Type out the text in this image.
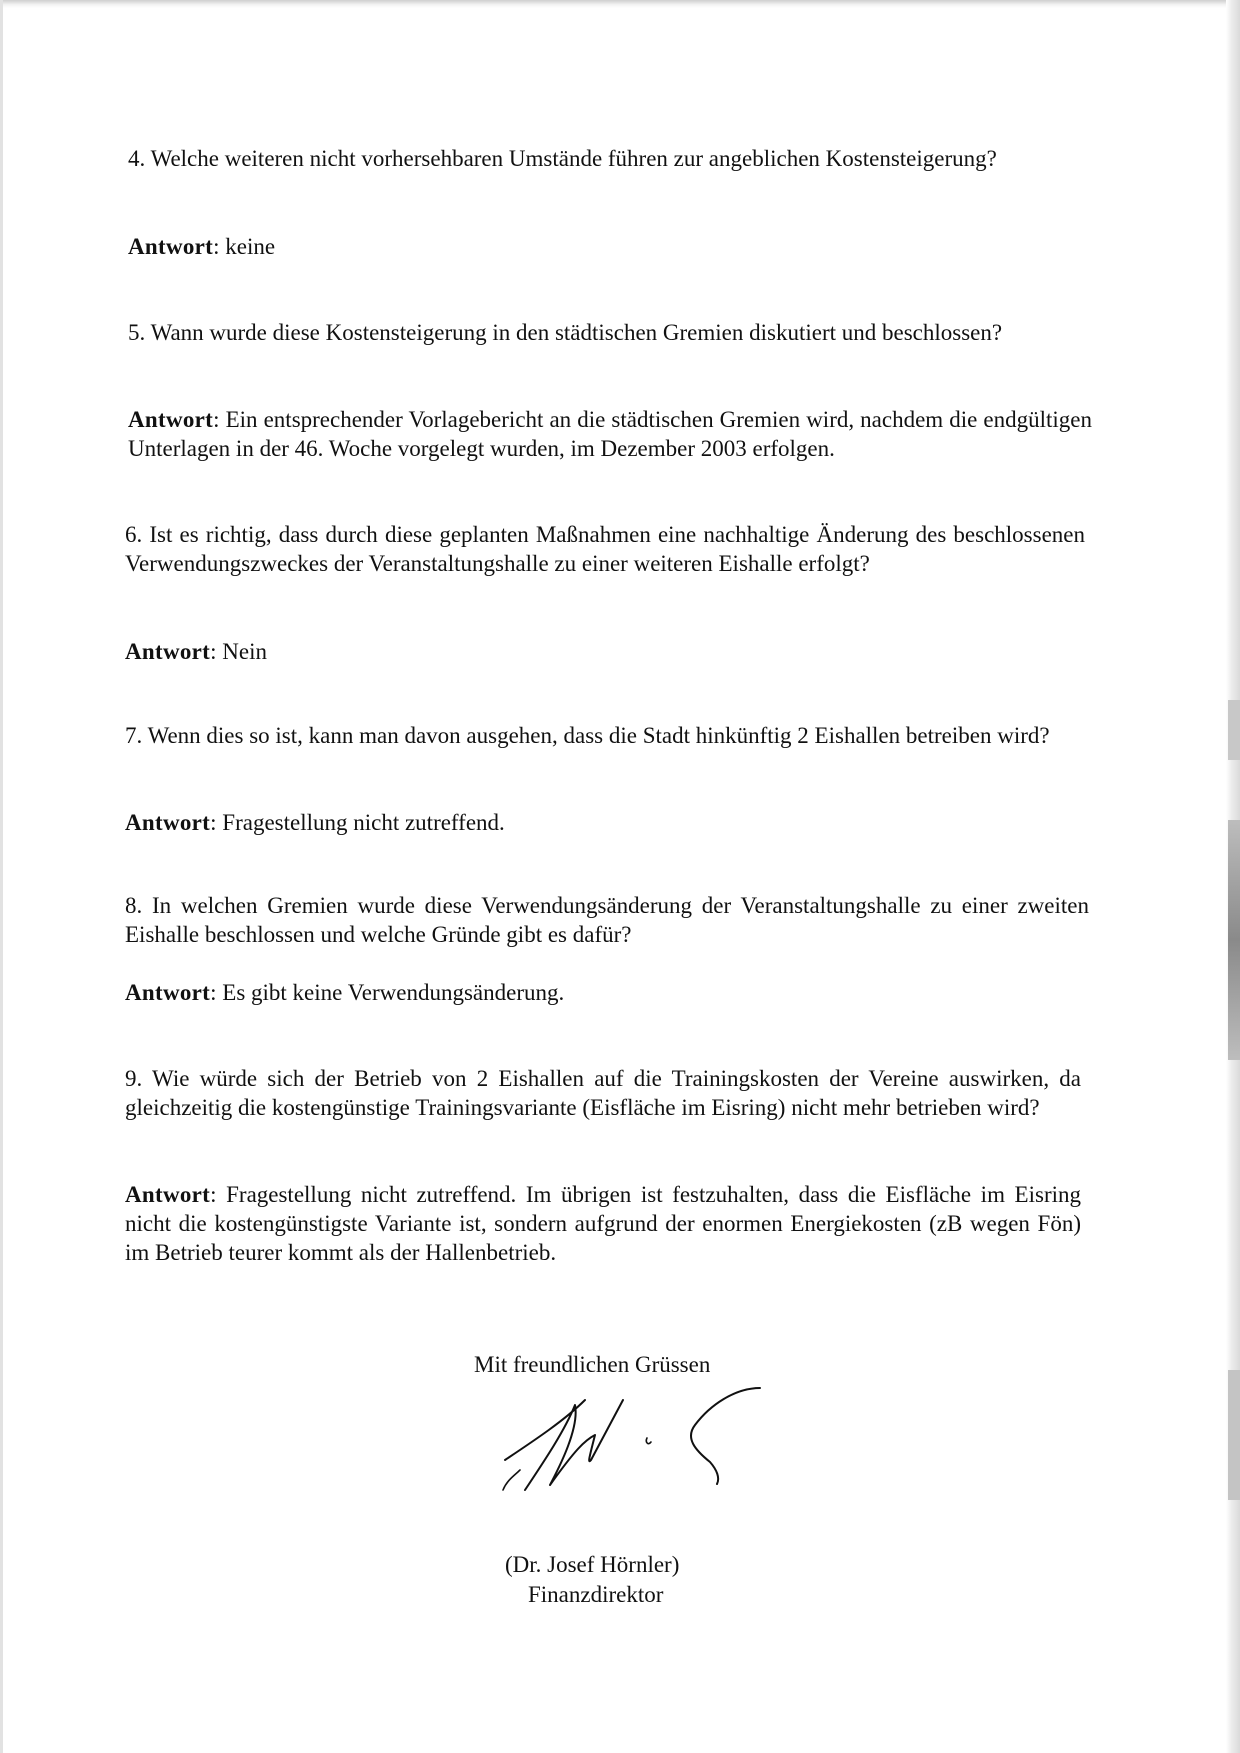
4. Welche weiteren nicht vorhersehbaren Umstände führen zur angeblichen Kostensteigerung?
Antwort: keine
5. Wann wurde diese Kostensteigerung in den städtischen Gremien diskutiert und beschlossen?
Antwort: Ein entsprechender Vorlagebericht an die städtischen Gremien wird, nachdem die endgültigen Unterlagen in der 46. Woche vorgelegt wurden, im Dezember 2003 erfolgen.
6. Ist es richtig, dass durch diese geplanten Maßnahmen eine nachhaltige Änderung des beschlossenen Verwendungszweckes der Veranstaltungshalle zu einer weiteren Eishalle erfolgt?
Antwort: Nein
7. Wenn dies so ist, kann man davon ausgehen, dass die Stadt hinkünftig 2 Eishallen betreiben wird?
Antwort: Fragestellung nicht zutreffend.
8. In welchen Gremien wurde diese Verwendungsänderung der Veranstaltungshalle zu einer zweiten Eishalle beschlossen und welche Gründe gibt es dafür?
Antwort: Es gibt keine Verwendungsänderung.
9. Wie würde sich der Betrieb von 2 Eishallen auf die Trainingskosten der Vereine auswirken, da gleichzeitig die kostengünstige Trainingsvariante (Eisfläche im Eisring) nicht mehr betrieben wird?
Antwort: Fragestellung nicht zutreffend. Im übrigen ist festzuhalten, dass die Eisfläche im Eisring nicht die kostengünstigste Variante ist, sondern aufgrund der enormen Energiekosten (zB wegen Fön) im Betrieb teurer kommt als der Hallenbetrieb.
Mit freundlichen Grüssen
(Dr. Josef Hörnler)
Finanzdirektor
